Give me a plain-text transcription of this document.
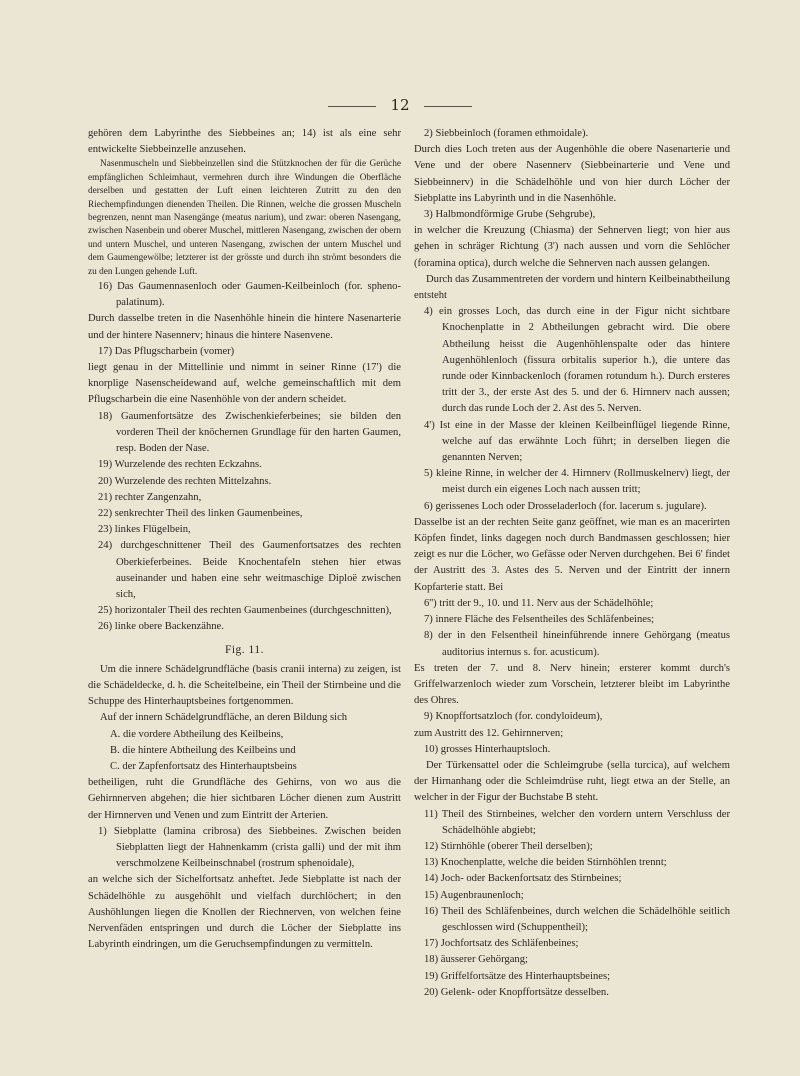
12

gehören dem Labyrinthe des Siebbeines an; 14) ist als eine sehr entwickelte Siebbeinzelle anzusehen.

Nasenmuscheln und Siebbeinzellen sind die Stützknochen der für die Gerüche empfänglichen Schleimhaut, vermehren durch ihre Windungen die Oberfläche derselben und gestatten der Luft einen leichteren Zutritt zu den den Riechempfindungen dienenden Theilen. Die Rinnen, welche die grossen Muscheln begrenzen, nennt man Nasengänge (meatus narium), und zwar: oberen Nasengang, zwischen Nasenbein und oberer Muschel, mittleren Nasengang, zwischen der obern und untern Muschel, und unteren Nasengang, zwischen der untern Muschel und dem Gaumengewölbe; letzterer ist der grösste und durch ihn strömt besonders die zu den Lungen gehende Luft.

16) Das Gaumennasenloch oder Gaumen-Keilbeinloch (for. spheno-palatinum).

Durch dasselbe treten in die Nasenhöhle hinein die hintere Nasenarterie und der hintere Nasennerv; hinaus die hintere Nasenvene.

17) Das Pflugscharbein (vomer)

liegt genau in der Mittellinie und nimmt in seiner Rinne (17') die knorplige Nasenscheidewand auf, welche gemeinschaftlich mit dem Pflugscharbein die eine Nasenhöhle von der andern scheidet.

18) Gaumenfortsätze des Zwischenkieferbeines; sie bilden den vorderen Theil der knöchernen Grundlage für den harten Gaumen, resp. Boden der Nase.

19) Wurzelende des rechten Eckzahns.

20) Wurzelende des rechten Mittelzahns.

21) rechter Zangenzahn,

22) senkrechter Theil des linken Gaumenbeines,

23) linkes Flügelbein,

24) durchgeschnittener Theil des Gaumenfortsatzes des rechten Oberkieferbeines. Beide Knochentafeln stehen hier etwas auseinander und haben eine sehr weitmaschige Diploë zwischen sich,

25) horizontaler Theil des rechten Gaumenbeines (durchgeschnitten),

26) linke obere Backenzähne.

Fig. 11.

Um die innere Schädelgrundfläche (basis cranii interna) zu zeigen, ist die Schädeldecke, d. h. die Scheitelbeine, ein Theil der Stirnbeine und die Schuppe des Hinterhauptsbeines fortgenommen.

Auf der innern Schädelgrundfläche, an deren Bildung sich

A. die vordere Abtheilung des Keilbeins,

B. die hintere Abtheilung des Keilbeins und

C. der Zapfenfortsatz des Hinterhauptsbeins

betheiligen, ruht die Grundfläche des Gehirns, von wo aus die Gehirnnerven abgehen; die hier sichtbaren Löcher dienen zum Austritt der Hirnnerven und Venen und zum Eintritt der Arterien.

1) Siebplatte (lamina cribrosa) des Siebbeines. Zwischen beiden Siebplatten liegt der Hahnenkamm (crista galli) und der mit ihm verschmolzene Keilbeinschnabel (rostrum sphenoidale),

an welche sich der Sichelfortsatz anheftet. Jede Siebplatte ist nach der Schädelhöhle zu ausgehöhlt und vielfach durchlöchert; in den Aushöhlungen liegen die Knollen der Riechnerven, von welchen feine Nervenfäden entspringen und durch die Löcher der Siebplatte ins Labyrinth eindringen, um die Geruchsempfindungen zu vermitteln.

2) Siebbeinloch (foramen ethmoidale).

Durch dies Loch treten aus der Augenhöhle die obere Nasenarterie und Vene und der obere Nasennerv (Siebbeinarterie und Vene und Siebbeinnerv) in die Schädelhöhle und von hier durch Löcher der Siebplatte ins Labyrinth und in die Nasenhöhle.

3) Halbmondförmige Grube (Sehgrube),

in welcher die Kreuzung (Chiasma) der Sehnerven liegt; von hier aus gehen in schräger Richtung (3') nach aussen und vorn die Sehlöcher (foramina optica), durch welche die Sehnerven nach aussen gelangen.

Durch das Zusammentreten der vordern und hintern Keilbeinabtheilung entsteht

4) ein grosses Loch, das durch eine in der Figur nicht sichtbare Knochenplatte in 2 Abtheilungen gebracht wird. Die obere Abtheilung heisst die Augenhöhlenspalte oder das hintere Augenhöhlenloch (fissura orbitalis superior h.), die untere das runde oder Kinnbackenloch (foramen rotundum h.). Durch ersteres tritt der 3., der erste Ast des 5. und der 6. Hirnnerv nach aussen; durch das runde Loch der 2. Ast des 5. Nerven.

4') Ist eine in der Masse der kleinen Keilbeinflügel liegende Rinne, welche auf das erwähnte Loch führt; in derselben liegen die genannten Nerven;

5) kleine Rinne, in welcher der 4. Hirnnerv (Rollmuskelnerv) liegt, der meist durch ein eigenes Loch nach aussen tritt;

6) gerissenes Loch oder Drosseladerloch (for. lacerum s. jugulare).

Dasselbe ist an der rechten Seite ganz geöffnet, wie man es an macerirten Köpfen findet, links dagegen noch durch Bandmassen geschlossen; hier zeigt es nur die Löcher, wo Gefässe oder Nerven durchgehen. Bei 6' findet der Austritt des 3. Astes des 5. Nerven und der Eintritt der innern Kopfarterie statt. Bei

6'') tritt der 9., 10. und 11. Nerv aus der Schädelhöhle;

7) innere Fläche des Felsentheiles des Schläfenbeines;

8) der in den Felsentheil hineinführende innere Gehörgang (meatus auditorius internus s. for. acusticum).

Es treten der 7. und 8. Nerv hinein; ersterer kommt durch's Griffelwarzenloch wieder zum Vorschein, letzterer bleibt im Labyrinthe des Ohres.

9) Knopffortsatzloch (for. condyloideum),

zum Austritt des 12. Gehirnnerven;

10) grosses Hinterhauptsloch.

Der Türkensattel oder die Schleimgrube (sella turcica), auf welchem der Hirnanhang oder die Schleimdrüse ruht, liegt etwa an der Stelle, an welcher in der Figur der Buchstabe B steht.

11) Theil des Stirnbeines, welcher den vordern untern Verschluss der Schädelhöhle abgiebt;

12) Stirnhöhle (oberer Theil derselben);

13) Knochenplatte, welche die beiden Stirnhöhlen trennt;

14) Joch- oder Backenfortsatz des Stirnbeines;

15) Augenbraunenloch;

16) Theil des Schläfenbeines, durch welchen die Schädelhöhle seitlich geschlossen wird (Schuppentheil);

17) Jochfortsatz des Schläfenbeines;

18) äusserer Gehörgang;

19) Griffelfortsätze des Hinterhauptsbeines;

20) Gelenk- oder Knopffortsätze desselben.
